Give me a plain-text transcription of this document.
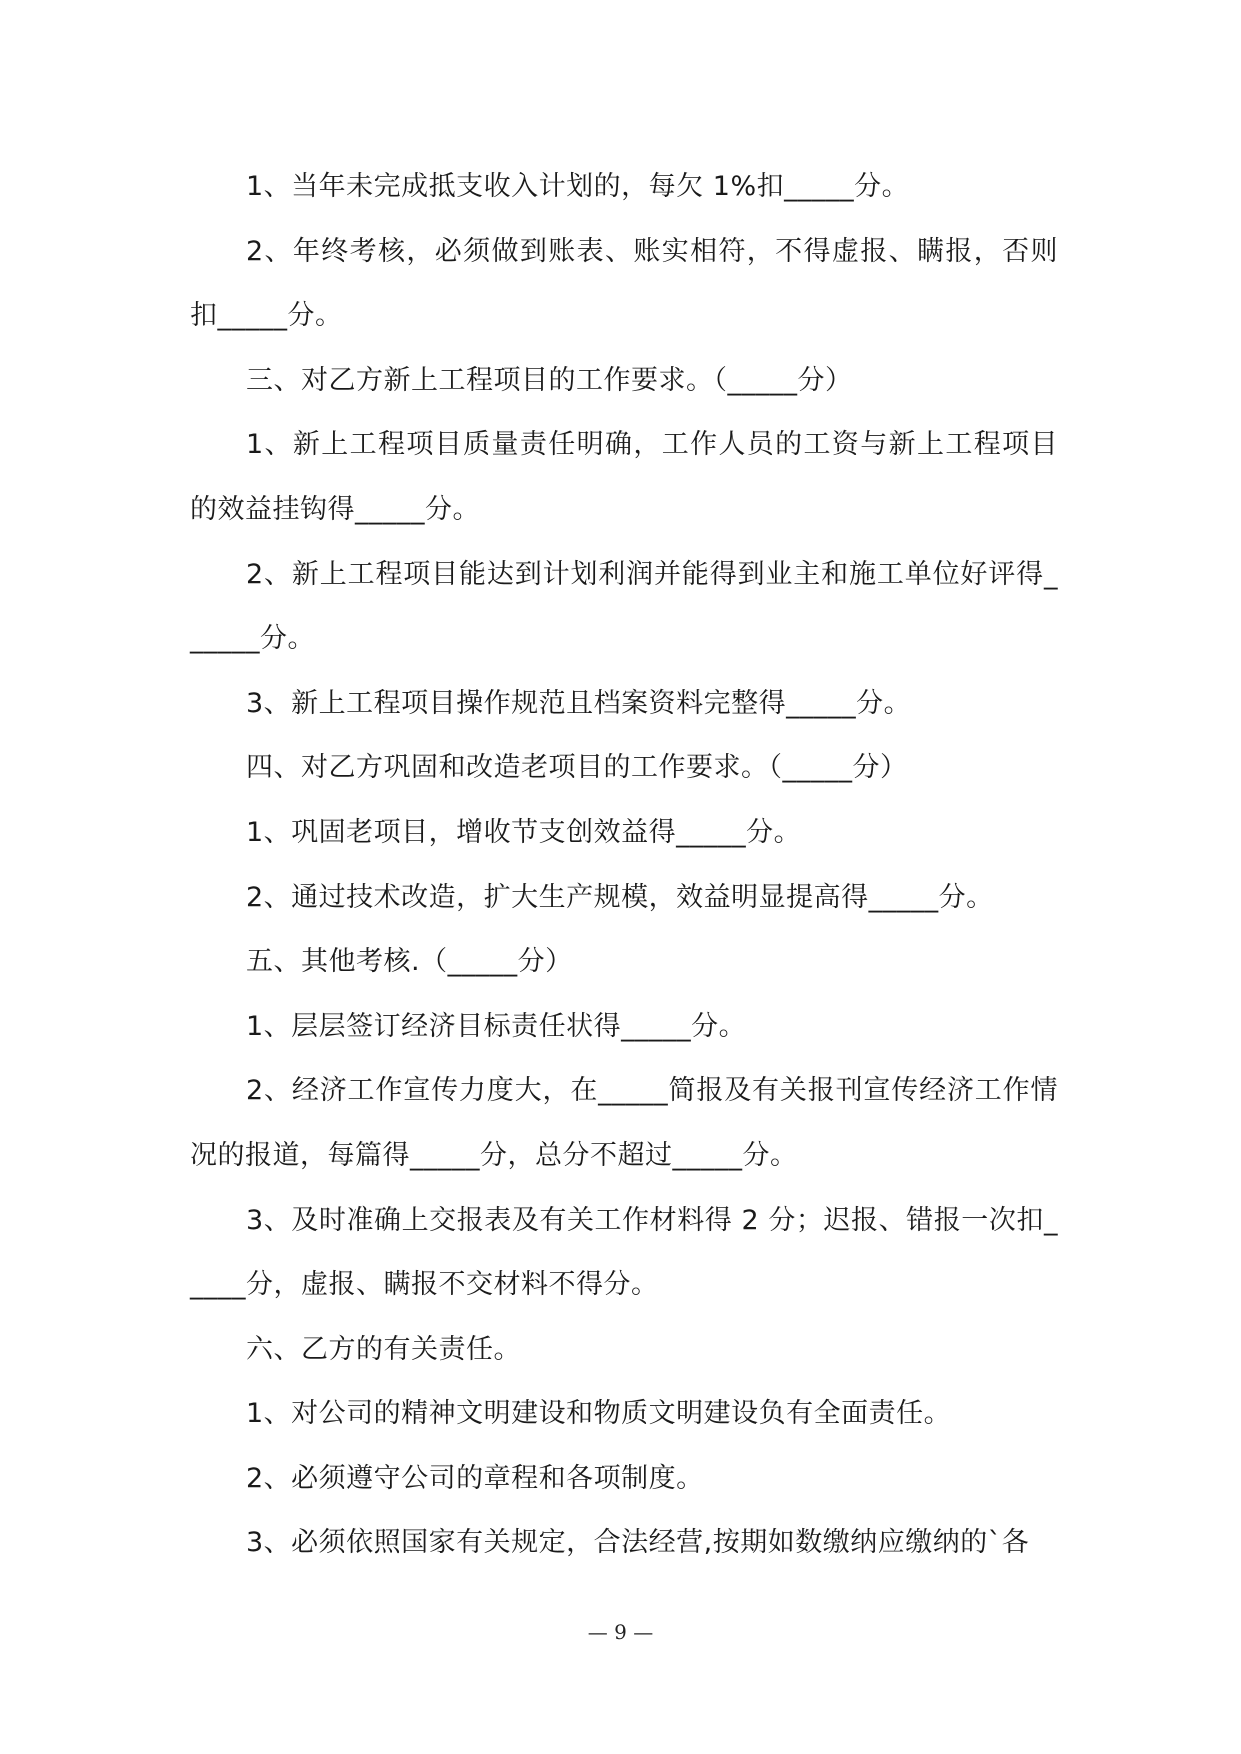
1、当年未完成抵支收入计划的，每欠 1%扣_____分。

2、年终考核，必须做到账表、账实相符，不得虚报、瞒报，否则扣_____分。

三、对乙方新上工程项目的工作要求。（_____分）

1、新上工程项目质量责任明确，工作人员的工资与新上工程项目的效益挂钩得_____分。

2、新上工程项目能达到计划利润并能得到业主和施工单位好评得______分。

3、新上工程项目操作规范且档案资料完整得_____分。

四、对乙方巩固和改造老项目的工作要求。（_____分）

1、巩固老项目，增收节支创效益得_____分。

2、通过技术改造，扩大生产规模，效益明显提高得_____分。

五、其他考核.（_____分）

1、层层签订经济目标责任状得_____分。

2、经济工作宣传力度大，在_____简报及有关报刊宣传经济工作情况的报道，每篇得_____分，总分不超过_____分。

3、及时准确上交报表及有关工作材料得 2 分；迟报、错报一次扣_____分，虚报、瞒报不交材料不得分。

六、乙方的有关责任。

1、对公司的精神文明建设和物质文明建设负有全面责任。

2、必须遵守公司的章程和各项制度。

3、必须依照国家有关规定，合法经营,按期如数缴纳应缴纳的`各

— 9 —
